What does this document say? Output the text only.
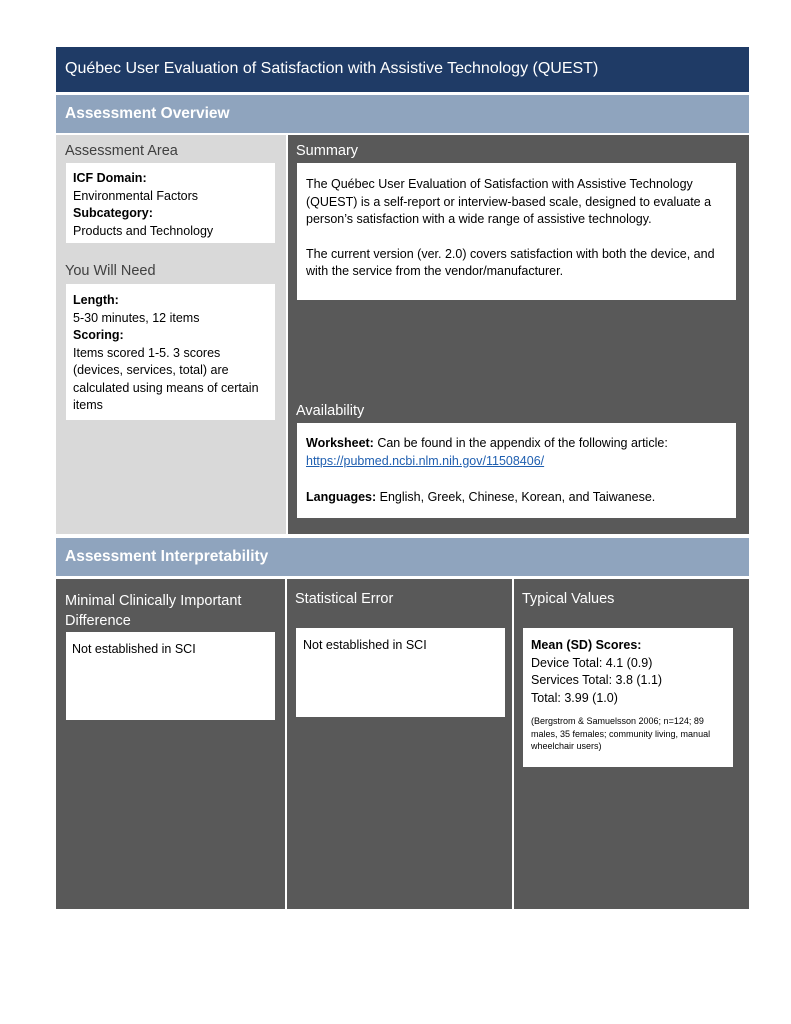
Québec User Evaluation of Satisfaction with Assistive Technology (QUEST)
Assessment Overview
Assessment Area
ICF Domain:
Environmental Factors
Subcategory:
Products and Technology
You Will Need
Length:
5-30 minutes, 12 items
Scoring:
Items scored 1-5. 3 scores (devices, services, total) are calculated using means of certain items
Summary
The Québec User Evaluation of Satisfaction with Assistive Technology (QUEST) is a self-report or interview-based scale, designed to evaluate a person’s satisfaction with a wide range of assistive technology.
The current version (ver. 2.0) covers satisfaction with both the device, and with the service from the vendor/manufacturer.
Availability
Worksheet: Can be found in the appendix of the following article:
https://pubmed.ncbi.nlm.nih.gov/11508406/
Languages: English, Greek, Chinese, Korean, and Taiwanese.
Assessment Interpretability
Minimal Clinically Important Difference
Not established in SCI
Statistical Error
Not established in SCI
Typical Values
Mean (SD) Scores:
Device Total: 4.1 (0.9)
Services Total: 3.8 (1.1)
Total: 3.99 (1.0)
(Bergstrom & Samuelsson 2006; n=124; 89 males, 35 females; community living, manual wheelchair users)
